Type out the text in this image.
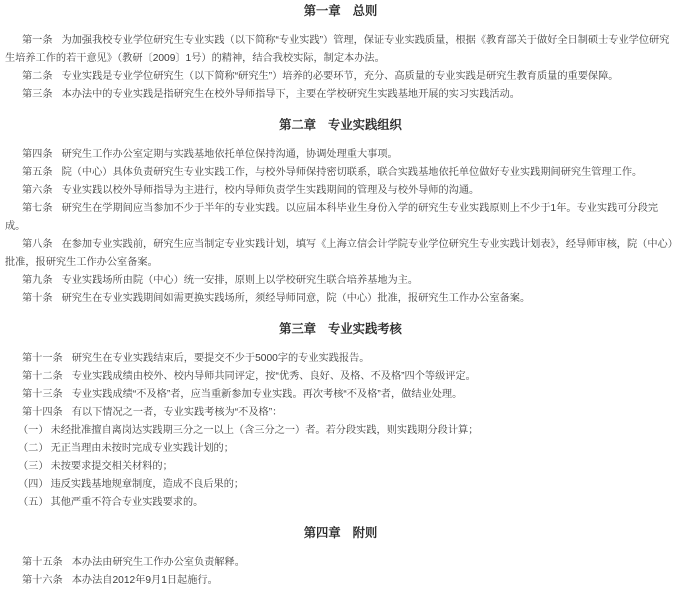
第一章 总则

第一条 为加强我校专业学位研究生专业实践（以下简称“专业实践”）管理，保证专业实践质量，根据《教育部关于做好全日制硕士专业学位研究生培养工作的若干意见》（教研〔2009〕1号）的精神，结合我校实际，制定本办法。

第二条 专业实践是专业学位研究生（以下简称“研究生”）培养的必要环节，充分、高质量的专业实践是研究生教育质量的重要保障。

第三条 本办法中的专业实践是指研究生在校外导师指导下，主要在学校研究生实践基地开展的实习实践活动。

第二章 专业实践组织

第四条 研究生工作办公室定期与实践基地依托单位保持沟通，协调处理重大事项。

第五条 院（中心）具体负责研究生专业实践工作，与校外导师保持密切联系，联合实践基地依托单位做好专业实践期间研究生管理工作。

第六条 专业实践以校外导师指导为主进行，校内导师负责学生实践期间的管理及与校外导师的沟通。

第七条 研究生在学期间应当参加不少于半年的专业实践。以应届本科毕业生身份入学的研究生专业实践原则上不少于1年。专业实践可分段完成。

第八条 在参加专业实践前，研究生应当制定专业实践计划，填写《上海立信会计学院专业学位研究生专业实践计划表》，经导师审核，院（中心）批准，报研究生工作办公室备案。

第九条 专业实践场所由院（中心）统一安排，原则上以学校研究生联合培养基地为主。

第十条 研究生在专业实践期间如需更换实践场所，须经导师同意，院（中心）批准，报研究生工作办公室备案。

第三章 专业实践考核

第十一条 研究生在专业实践结束后，要提交不少于5000字的专业实践报告。

第十二条 专业实践成绩由校外、校内导师共同评定，按“优秀、良好、及格、不及格”四个等级评定。

第十三条 专业实践成绩“不及格”者，应当重新参加专业实践。再次考核“不及格”者，做结业处理。

第十四条 有以下情况之一者，专业实践考核为“不及格”：

（一） 未经批准擅自离岗达实践期三分之一以上（含三分之一）者。若分段实践，则实践期分段计算；

（二） 无正当理由未按时完成专业实践计划的；

（三） 未按要求提交相关材料的；

（四） 违反实践基地规章制度，造成不良后果的；

（五） 其他严重不符合专业实践要求的。

第四章 附则

第十五条 本办法由研究生工作办公室负责解释。

第十六条 本办法自2012年9月1日起施行。
